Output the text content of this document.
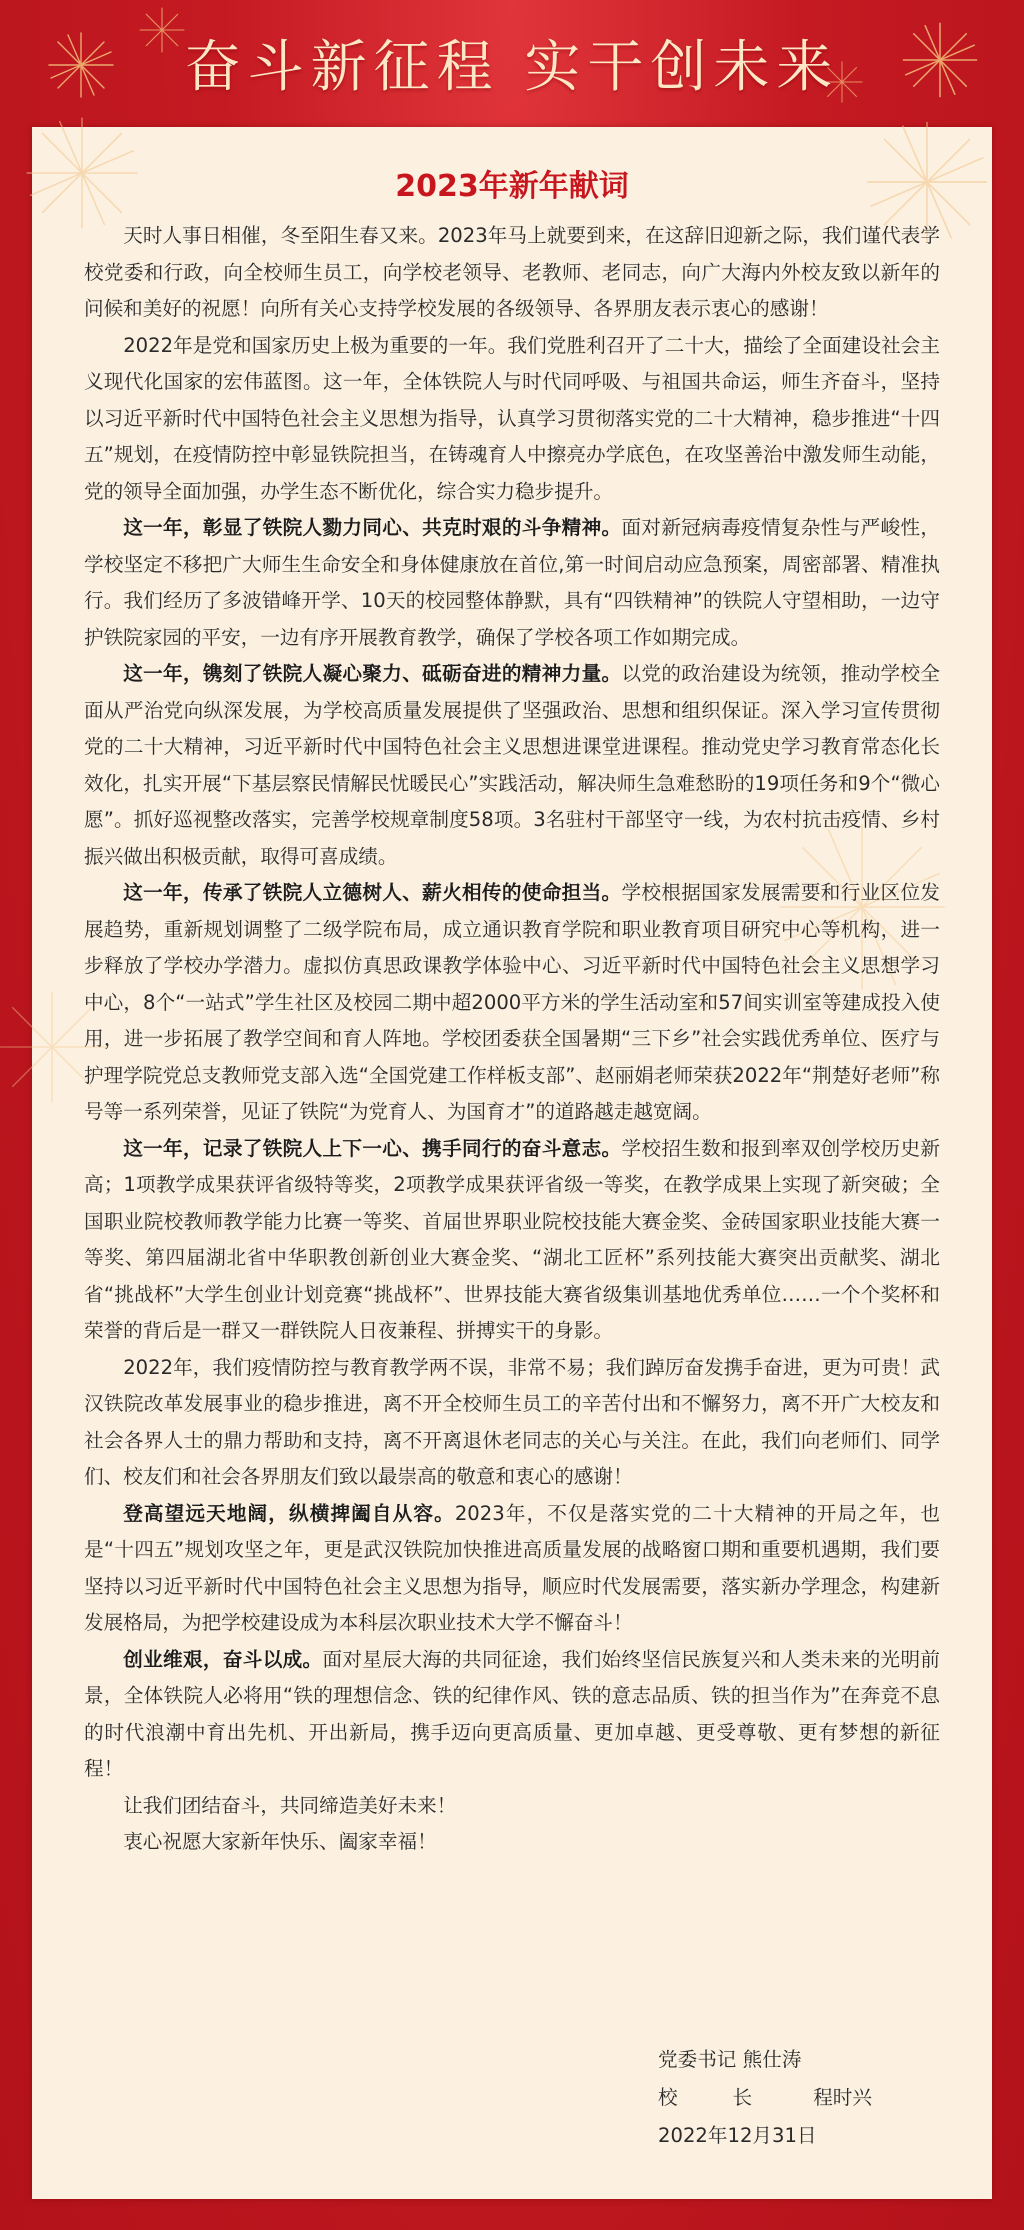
奋斗新征程 实干创未来
2023年新年献词

天时人事日相催，冬至阳生春又来。2023年马上就要到来，在这辞旧迎新之际，我们谨代表学校党委和行政，向全校师生员工，向学校老领导、老教师、老同志，向广大海内外校友致以新年的问候和美好的祝愿！向所有关心支持学校发展的各级领导、各界朋友表示衷心的感谢！

2022年是党和国家历史上极为重要的一年。我们党胜利召开了二十大，描绘了全面建设社会主义现代化国家的宏伟蓝图。这一年，全体铁院人与时代同呼吸、与祖国共命运，师生齐奋斗，坚持以习近平新时代中国特色社会主义思想为指导，认真学习贯彻落实党的二十大精神，稳步推进“十四五”规划，在疫情防控中彰显铁院担当，在铸魂育人中擦亮办学底色，在攻坚善治中激发师生动能，党的领导全面加强，办学生态不断优化，综合实力稳步提升。

这一年，彰显了铁院人勠力同心、共克时艰的斗争精神。面对新冠病毒疫情复杂性与严峻性，学校坚定不移把广大师生生命安全和身体健康放在首位,第一时间启动应急预案，周密部署、精准执行。我们经历了多波错峰开学、10天的校园整体静默，具有“四铁精神”的铁院人守望相助，一边守护铁院家园的平安，一边有序开展教育教学，确保了学校各项工作如期完成。

这一年，镌刻了铁院人凝心聚力、砥砺奋进的精神力量。以党的政治建设为统领，推动学校全面从严治党向纵深发展，为学校高质量发展提供了坚强政治、思想和组织保证。深入学习宣传贯彻党的二十大精神，习近平新时代中国特色社会主义思想进课堂进课程。推动党史学习教育常态化长效化，扎实开展“下基层察民情解民忧暖民心”实践活动，解决师生急难愁盼的19项任务和9个“微心愿”。抓好巡视整改落实，完善学校规章制度58项。3名驻村干部坚守一线，为农村抗击疫情、乡村振兴做出积极贡献，取得可喜成绩。

这一年，传承了铁院人立德树人、薪火相传的使命担当。学校根据国家发展需要和行业区位发展趋势，重新规划调整了二级学院布局，成立通识教育学院和职业教育项目研究中心等机构，进一步释放了学校办学潜力。虚拟仿真思政课教学体验中心、习近平新时代中国特色社会主义思想学习中心，8个“一站式”学生社区及校园二期中超2000平方米的学生活动室和57间实训室等建成投入使用，进一步拓展了教学空间和育人阵地。学校团委获全国暑期“三下乡”社会实践优秀单位、医疗与护理学院党总支教师党支部入选“全国党建工作样板支部”、赵丽娟老师荣获2022年“荆楚好老师”称号等一系列荣誉，见证了铁院“为党育人、为国育才”的道路越走越宽阔。

这一年，记录了铁院人上下一心、携手同行的奋斗意志。学校招生数和报到率双创学校历史新高；1项教学成果获评省级特等奖，2项教学成果获评省级一等奖，在教学成果上实现了新突破；全国职业院校教师教学能力比赛一等奖、首届世界职业院校技能大赛金奖、金砖国家职业技能大赛一等奖、第四届湖北省中华职教创新创业大赛金奖、“湖北工匠杯”系列技能大赛突出贡献奖、湖北省“挑战杯”大学生创业计划竞赛“挑战杯”、世界技能大赛省级集训基地优秀单位……一个个奖杯和荣誉的背后是一群又一群铁院人日夜兼程、拼搏实干的身影。

2022年，我们疫情防控与教育教学两不误，非常不易；我们踔厉奋发携手奋进，更为可贵！武汉铁院改革发展事业的稳步推进，离不开全校师生员工的辛苦付出和不懈努力，离不开广大校友和社会各界人士的鼎力帮助和支持，离不开离退休老同志的关心与关注。在此，我们向老师们、同学们、校友们和社会各界朋友们致以最崇高的敬意和衷心的感谢！

登高望远天地阔，纵横捭阖自从容。2023年，不仅是落实党的二十大精神的开局之年，也是“十四五”规划攻坚之年，更是武汉铁院加快推进高质量发展的战略窗口期和重要机遇期，我们要坚持以习近平新时代中国特色社会主义思想为指导，顺应时代发展需要，落实新办学理念，构建新发展格局，为把学校建设成为本科层次职业技术大学不懈奋斗！

创业维艰，奋斗以成。面对星辰大海的共同征途，我们始终坚信民族复兴和人类未来的光明前景，全体铁院人必将用“铁的理想信念、铁的纪律作风、铁的意志品质、铁的担当作为”在奔竞不息的时代浪潮中育出先机、开出新局，携手迈向更高质量、更加卓越、更受尊敬、更有梦想的新征程！

让我们团结奋斗，共同缔造美好未来！

衷心祝愿大家新年快乐、阖家幸福！

党委书记 熊仕涛
校长 程时兴
2022年12月31日
